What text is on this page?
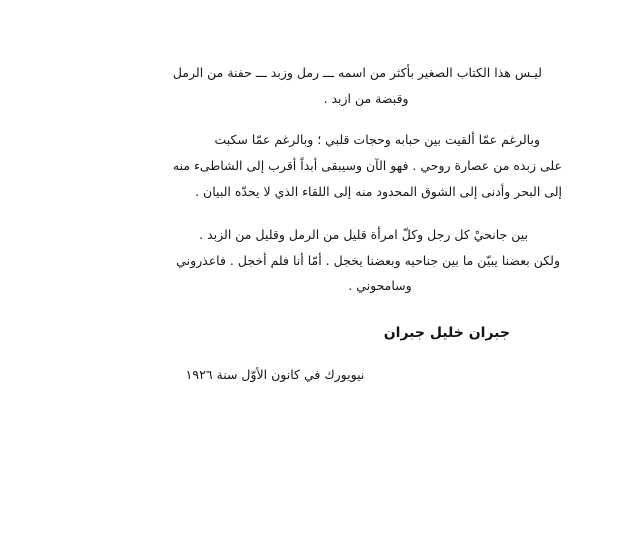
ليـس هذا الكتاب الصغير بأكثر من اسمه ـــ رمل وزبد ـــ حفنة من الرمل
وقبضة من ازبد .

وبالرغم عمّا ألقيت بين حبابه وحجات قلبي ؛ وبالرغم عمّا سكبت
على زبده من عصارة روحي . فهو الآن وسيبقى أبداً أقرب إلى الشاطىء منه
إلى البحر وأدنى إلى الشوق المحدود منه إلى اللقاء الذي لا يحدّه البيان .

بين جانحيْ كل رجل وكلّ امرأة قليل من الرمل وقليل من الزبد .
ولكن بعضنا يبيّن ما بين جناحيه وبعضنا يخجل . أمّا أنا فلم أخجل . فاعذروني
وسامحوني .

جبران خليل جبران
نيويورك في كانون الأوّل سنة ١٩٢٦
